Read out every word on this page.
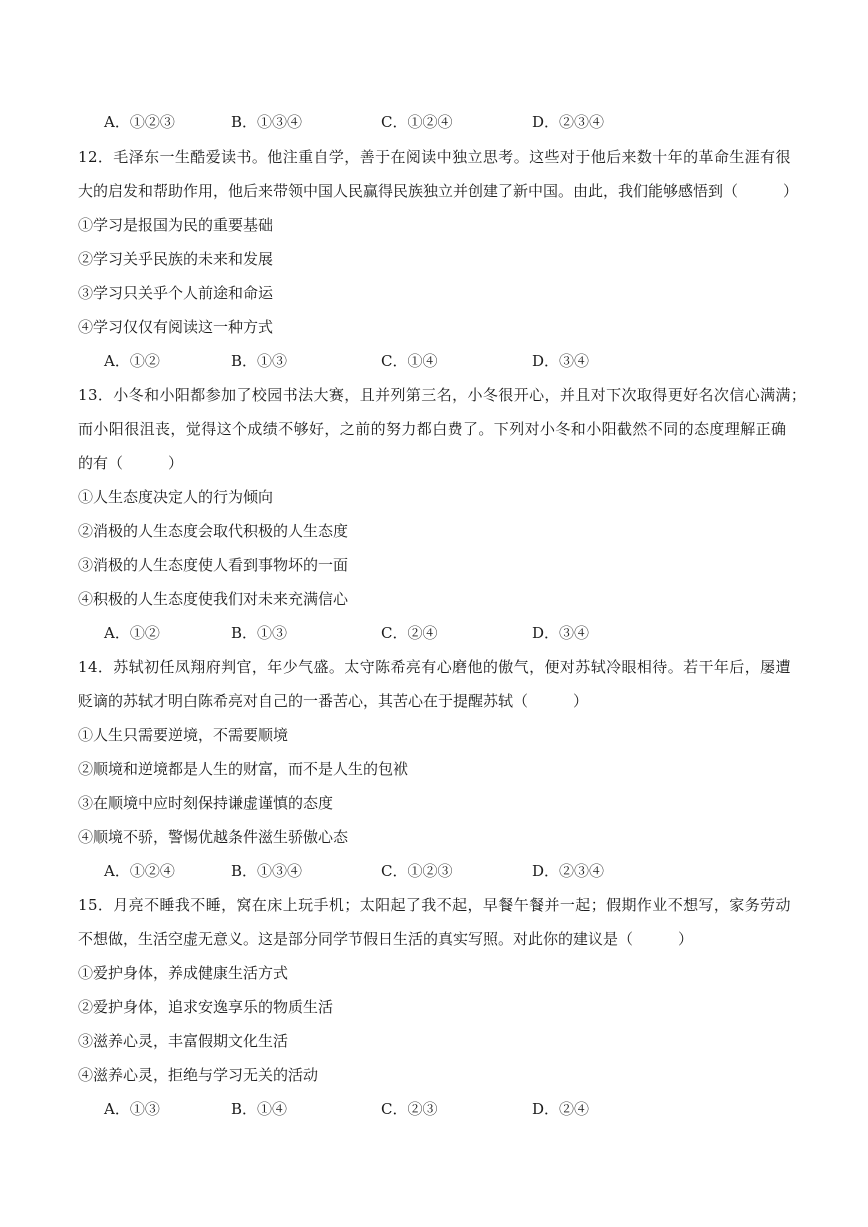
A．①②③	B．①③④	C．①②④	D．②③④
12．毛泽东一生酷爱读书。他注重自学，善于在阅读中独立思考。这些对于他后来数十年的革命生涯有很
大的启发和帮助作用，他后来带领中国人民赢得民族独立并创建了新中国。由此，我们能够感悟到（　　　）
①学习是报国为民的重要基础
②学习关乎民族的未来和发展
③学习只关乎个人前途和命运
④学习仅仅有阅读这一种方式
A．①②	B．①③	C．①④	D．③④
13．小冬和小阳都参加了校园书法大赛，且并列第三名，小冬很开心，并且对下次取得更好名次信心满满；
而小阳很沮丧，觉得这个成绩不够好，之前的努力都白费了。下列对小冬和小阳截然不同的态度理解正确
的有（　　　）
①人生态度决定人的行为倾向
②消极的人生态度会取代积极的人生态度
③消极的人生态度使人看到事物坏的一面
④积极的人生态度使我们对未来充满信心
A．①②	B．①③	C．②④	D．③④
14．苏轼初任凤翔府判官，年少气盛。太守陈希亮有心磨他的傲气，便对苏轼冷眼相待。若干年后，屡遭
贬谪的苏轼才明白陈希亮对自己的一番苦心，其苦心在于提醒苏轼（　　　）
①人生只需要逆境，不需要顺境
②顺境和逆境都是人生的财富，而不是人生的包袱
③在顺境中应时刻保持谦虚谨慎的态度
④顺境不骄，警惕优越条件滋生骄傲心态
A．①②④	B．①③④	C．①②③	D．②③④
15．月亮不睡我不睡，窝在床上玩手机；太阳起了我不起，早餐午餐并一起；假期作业不想写，家务劳动
不想做，生活空虚无意义。这是部分同学节假日生活的真实写照。对此你的建议是（　　　）
①爱护身体，养成健康生活方式
②爱护身体，追求安逸享乐的物质生活
③滋养心灵，丰富假期文化生活
④滋养心灵，拒绝与学习无关的活动
A．①③	B．①④	C．②③	D．②④
